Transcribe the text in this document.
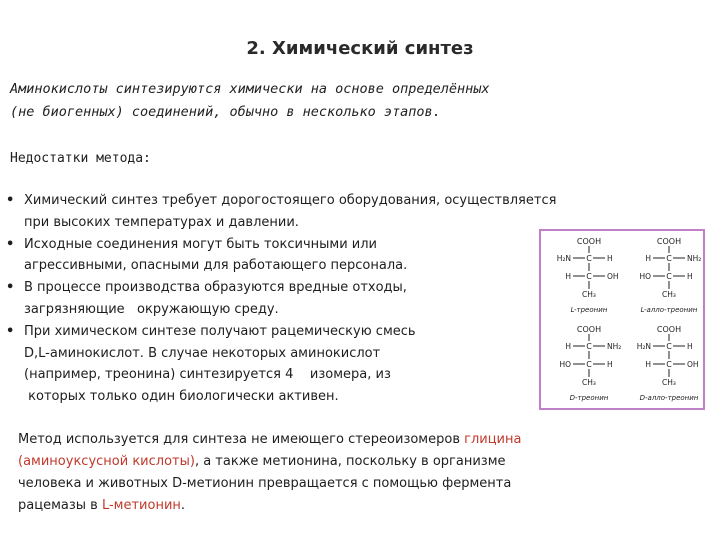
2. Химический синтез
Аминокислоты синтезируются химически на основе определённых
(не биогенных) соединений, обычно в несколько этапов.
Недостатки метода:
• Химический синтез требует дорогостоящего оборудования, осуществляется
при высоких температурах и давлении.
• Исходные соединения могут быть токсичными или
агрессивными, опасными для работающего персонала.
• В процессе производства образуются вредные отходы,
загрязняющие   окружающую среду.
• При химическом синтезе получают рацемическую смесь
D,L-аминокислот. В случае некоторых аминокислот
(например, треонина) синтезируется 4    изомера, из
которых только один биологически активен.
Метод используется для синтеза не имеющего стереоизомеров глицина
(аминоуксусной кислоты), а также метионина, поскольку в организме
человека и животных D-метионин превращается с помощью фермента
рацемазы в L-метионин.
COOH
C
H₂N	H
C
H	OH
CH₃
L-треонин
COOH
C
H	NH₂
C
HO	H
CH₃
L-алло-треонин
COOH
C
H	NH₂
C
HO	H
CH₃
D-треонин
COOH
C
H₂N	H
C
H	OH
CH₃
D-алло-треонин
